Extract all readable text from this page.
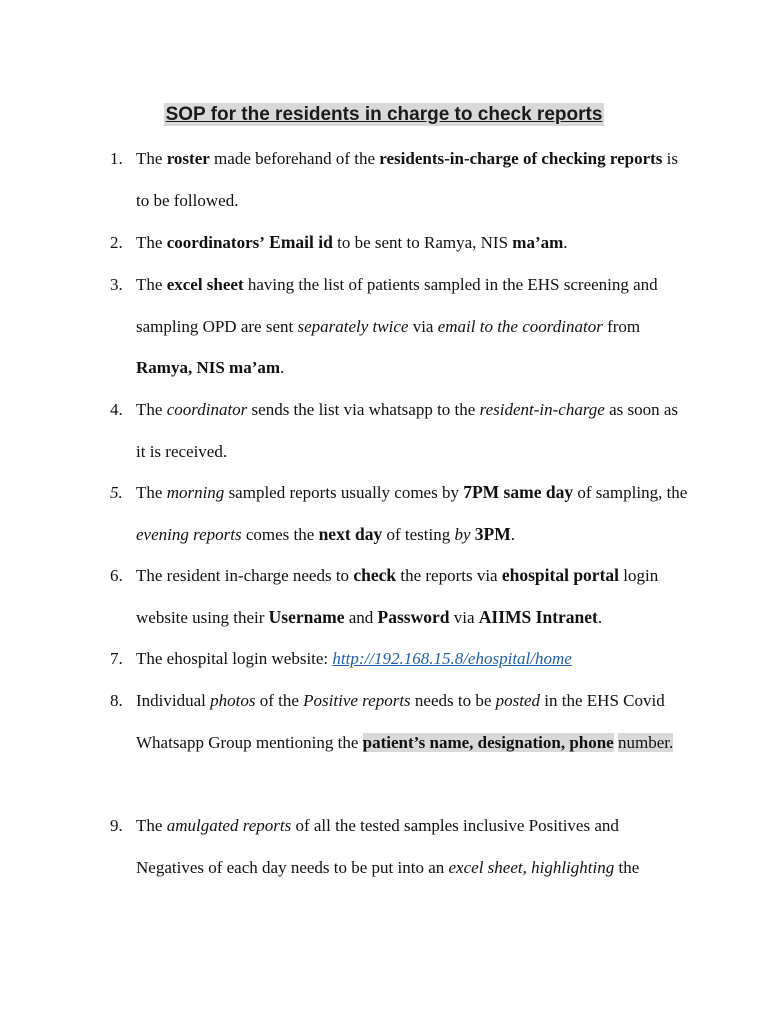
SOP for the residents in charge to check reports
1. The roster made beforehand of the residents-in-charge of checking reports is to be followed.
2. The coordinators’ Email id to be sent to Ramya, NIS ma’am.
3. The excel sheet having the list of patients sampled in the EHS screening and sampling OPD are sent separately twice via email to the coordinator from Ramya, NIS ma’am.
4. The coordinator sends the list via whatsapp to the resident-in-charge as soon as it is received.
5. The morning sampled reports usually comes by 7PM same day of sampling, the evening reports comes the next day of testing by 3PM.
6. The resident in-charge needs to check the reports via ehospital portal login website using their Username and Password via AIIMS Intranet.
7. The ehospital login website: http://192.168.15.8/ehospital/home
8. Individual photos of the Positive reports needs to be posted in the EHS Covid Whatsapp Group mentioning the patient’s name, designation, phone number.
9. The amulgated reports of all the tested samples inclusive Positives and Negatives of each day needs to be put into an excel sheet, highlighting the
